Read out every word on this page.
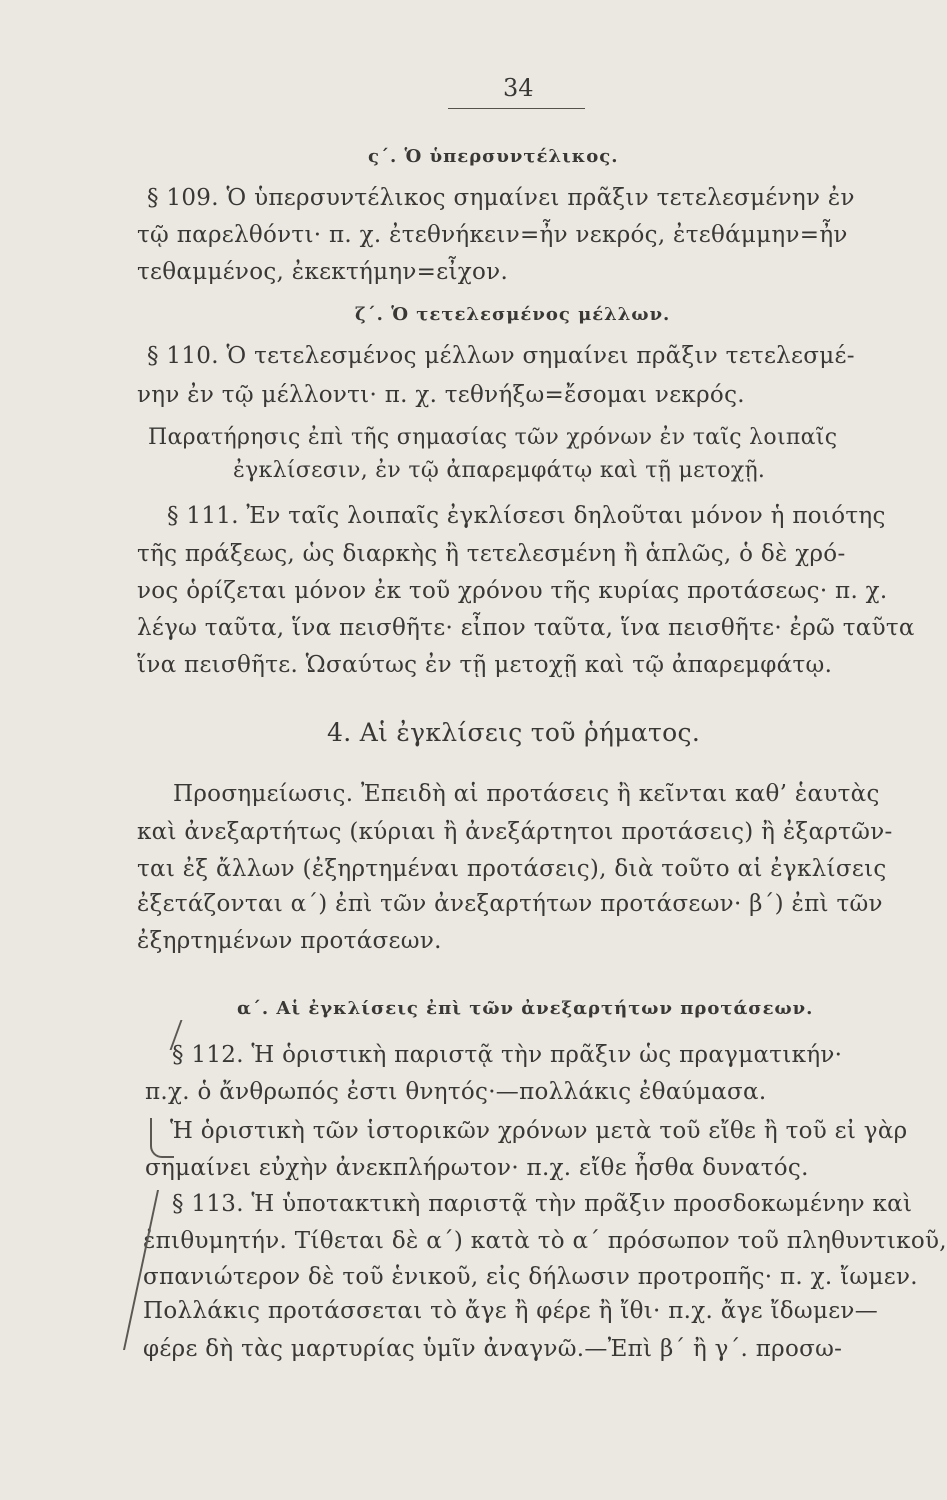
34
ς΄. Ὁ ὑπερσυντέλικος.
§ 109. Ὁ ὑπερσυντέλικος σημαίνει πρᾶξιν τετελεσμένην ἐν
τῷ παρελθόντι· π. χ. ἐτεθνήκειν=ἦν νεκρός, ἐτεθάμμην=ἦν
τεθαμμένος, ἐκεκτήμην=εἶχον.
ζ΄. Ὁ τετελεσμένος μέλλων.
§ 110. Ὁ τετελεσμένος μέλλων σημαίνει πρᾶξιν τετελεσμέ-
νην ἐν τῷ μέλλοντι· π. χ. τεθνήξω=ἔσομαι νεκρός.
Παρατήρησις ἐπὶ τῆς σημασίας τῶν χρόνων ἐν ταῖς λοιπαῖς
ἐγκλίσεσιν, ἐν τῷ ἀπαρεμφάτῳ καὶ τῇ μετοχῇ.
§ 111. Ἐν ταῖς λοιπαῖς ἐγκλίσεσι δηλοῦται μόνον ἡ ποιότης
τῆς πράξεως, ὡς διαρκὴς ἢ τετελεσμένη ἢ ἁπλῶς, ὁ δὲ χρό-
νος ὁρίζεται μόνον ἐκ τοῦ χρόνου τῆς κυρίας προτάσεως· π. χ.
λέγω ταῦτα, ἵνα πεισθῆτε· εἶπον ταῦτα, ἵνα πεισθῆτε· ἐρῶ ταῦτα
ἵνα πεισθῆτε. Ὡσαύτως ἐν τῇ μετοχῇ καὶ τῷ ἀπαρεμφάτῳ.
4. Αἱ ἐγκλίσεις τοῦ ῥήματος.
Προσημείωσις. Ἐπειδὴ αἱ προτάσεις ἢ κεῖνται καθ’ ἑαυτὰς
καὶ ἀνεξαρτήτως (κύριαι ἢ ἀνεξάρτητοι προτάσεις) ἢ ἐξαρτῶν-
ται ἐξ ἄλλων (ἐξηρτημέναι προτάσεις), διὰ τοῦτο αἱ ἐγκλίσεις
ἐξετάζονται α΄) ἐπὶ τῶν ἀνεξαρτήτων προτάσεων· β΄) ἐπὶ τῶν
ἐξηρτημένων προτάσεων.
α΄. Αἱ ἐγκλίσεις ἐπὶ τῶν ἀνεξαρτήτων προτάσεων.
§ 112. Ἡ ὁριστικὴ παριστᾷ τὴν πρᾶξιν ὡς πραγματικήν·
π.χ. ὁ ἄνθρωπός ἐστι θνητός·—πολλάκις ἐθαύμασα.
Ἡ ὁριστικὴ τῶν ἱστορικῶν χρόνων μετὰ τοῦ εἴθε ἢ τοῦ εἰ γὰρ
σημαίνει εὐχὴν ἀνεκπλήρωτον· π.χ. εἴθε ἦσθα δυνατός.
§ 113. Ἡ ὑποτακτικὴ παριστᾷ τὴν πρᾶξιν προσδοκωμένην καὶ
ἐπιθυμητήν. Τίθεται δὲ α΄) κατὰ τὸ α΄ πρόσωπον τοῦ πληθυντικοῦ,
σπανιώτερον δὲ τοῦ ἑνικοῦ, εἰς δήλωσιν προτροπῆς· π. χ. ἴωμεν.
Πολλάκις προτάσσεται τὸ ἄγε ἢ φέρε ἢ ἴθι· π.χ. ἄγε ἴδωμεν—
φέρε δὴ τὰς μαρτυρίας ὑμῖν ἀναγνῶ.—Ἐπὶ β΄ ἢ γ΄. προσω-
